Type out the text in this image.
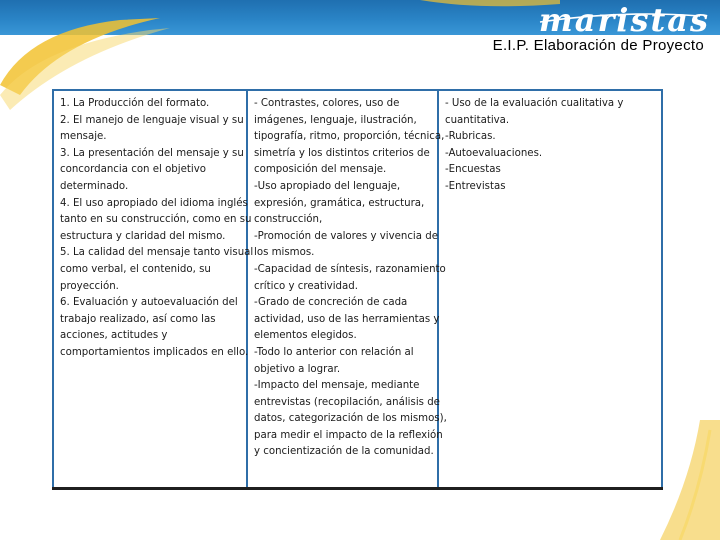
maristas
E.I.P. Elaboración de Proyecto
1. La Producción del formato.
2. El manejo de lenguaje visual y su
mensaje.
3. La presentación del mensaje y su
concordancia con el objetivo
determinado.
4. El uso apropiado del idioma inglés
tanto en su construcción, como en su
estructura y claridad del mismo.
5. La calidad del mensaje tanto visual
como verbal, el contenido, su
proyección.
6. Evaluación y autoevaluación del
trabajo realizado, así como las
acciones, actitudes y
comportamientos implicados en ello.
- Contrastes, colores, uso de
imágenes, lenguaje, ilustración,
tipografía, ritmo, proporción, técnica,
simetría y los distintos criterios de
composición del mensaje.
-Uso apropiado del lenguaje,
expresión, gramática, estructura,
construcción,
-Promoción de valores y vivencia de
los mismos.
-Capacidad de síntesis, razonamiento
crítico y creatividad.
-Grado de concreción de cada
actividad, uso de las herramientas y
elementos elegidos.
-Todo lo anterior con relación al
objetivo a lograr.
-Impacto del mensaje, mediante
entrevistas (recopilación, análisis de
datos, categorización de los mismos),
para medir el impacto de la reflexión
y concientización de la comunidad.
- Uso de la evaluación cualitativa y
cuantitativa.
-Rubricas.
-Autoevaluaciones.
-Encuestas
-Entrevistas
